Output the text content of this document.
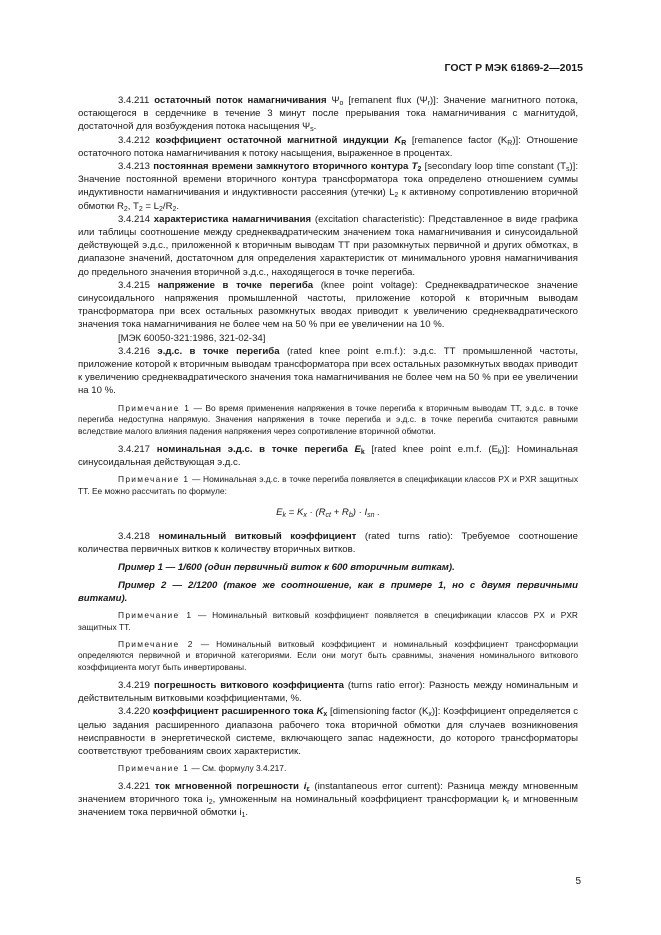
ГОСТ Р МЭК 61869-2—2015

3.4.211 остаточный поток намагничивания $\Psi_о$ [remanent flux $(\Psi_r)$]: Значение магнитного потока, остающегося в сердечнике в течение 3 минут после прерывания тока намагничивания с магнитудой, достаточной для возбуждения потока насыщения $\Psi_s$.

3.4.212 коэффициент остаточной магнитной индукции $K_R$ [remanence factor $(K_R)$]: Отношение остаточного потока намагничивания к потоку насыщения, выраженное в процентах.

3.4.213 постоянная времени замкнутого вторичного контура $T_2$ [secondary loop time constant $(T_s)$]: Значение постоянной времени вторичного контура трансформатора тока определено отношением суммы индуктивности намагничивания и индуктивности рассеяния (утечки) $L_2$ к активному сопротивлению вторичной обмотки $R_2$, $T_2 = L_2/R_2$.

3.4.214 характеристика намагничивания (excitation characteristic): Представленное в виде графика или таблицы соотношение между среднеквадратическим значением тока намагничивания и синусоидальной действующей э.д.с., приложенной к вторичным выводам ТТ при разомкнутых первичной и других обмотках, в диапазоне значений, достаточном для определения характеристик от минимального уровня намагничивания до предельного значения вторичной э.д.с., находящегося в точке перегиба.

3.4.215 напряжение в точке перегиба (knee point voltage): Среднеквадратическое значение синусоидального напряжения промышленной частоты, приложение которой к вторичным выводам трансформатора при всех остальных разомкнутых вводах приводит к увеличению среднеквадратического значения тока намагничивания не более чем на 50 % при ее увеличении на 10 %.

[МЭК 60050-321:1986, 321-02-34]

3.4.216 э.д.с. в точке перегиба (rated knee point e.m.f.): э.д.с. ТТ промышленной частоты, приложение которой к вторичным выводам трансформатора при всех остальных разомкнутых вводах приводит к увеличению среднеквадратического значения тока намагничивания не более чем на 50 % при ее увеличении на 10 %.

Примечание 1 — Во время применения напряжения в точке перегиба к вторичным выводам ТТ, э.д.с. в точке перегиба недоступна напрямую. Значения напряжения в точке перегиба и э.д.с. в точке перегиба считаются равными вследствие малого влияния падения напряжения через сопротивление вторичной обмотки.

3.4.217 номинальная э.д.с. в точке перегиба $E_k$ [rated knee point e.m.f. $(E_k)$]: Номинальная синусоидальная действующая э.д.с.

Примечание 1 — Номинальная э.д.с. в точке перегиба появляется в спецификации классов PX и PXR защитных ТТ. Ее можно рассчитать по формуле:

$E_k = K_x \cdot (R_{ct} + R_b) \cdot I_{sn}$ .

3.4.218 номинальный витковый коэффициент (rated turns ratio): Требуемое соотношение количества первичных витков к количеству вторичных витков.

Пример 1 — 1/600 (один первичный виток к 600 вторичным виткам).

Пример 2 — 2/1200 (такое же соотношение, как в примере 1, но с двумя первичными витками).

Примечание 1 — Номинальный витковый коэффициент появляется в спецификации классов PX и PXR защитных ТТ.

Примечание 2 — Номинальный витковый коэффициент и номинальный коэффициент трансформации определяются первичной и вторичной категориями. Если они могут быть сравнимы, значения номинального виткового коэффициента могут быть инвертированы.

3.4.219 погрешность виткового коэффициента (turns ratio error): Разность между номинальным и действительным витковыми коэффициентами, %.

3.4.220 коэффициент расширенного тока $K_x$ [dimensioning factor $(K_x)$]: Коэффициент определяется с целью задания расширенного диапазона рабочего тока вторичной обмотки для случаев возникновения неисправности в энергетической системе, включающего запас надежности, до которого трансформаторы соответствуют требованиям своих характеристик.

Примечание 1 — См. формулу 3.4.217.

3.4.221 ток мгновенной погрешности $i_\varepsilon$ (instantaneous error current): Разница между мгновенным значением вторичного тока $i_2$, умноженным на номинальный коэффициент трансформации $k_r$ и мгновенным значением тока первичной обмотки $i_1$.

5
